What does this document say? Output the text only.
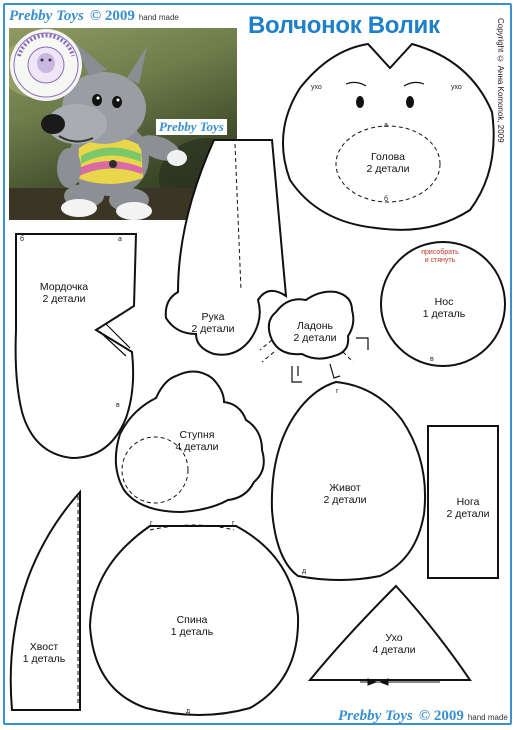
Prebby Toys © 2009 hand made	Волчонок Волик	Copyright © Анна Komonok, 2009
Prebby Toys
Голова
2 детали
ухо	ухо
а
б
Мордочка
2 детали
б	а
в
Рука
2 детали	Ладонь
2 детали
Нос
1 деталь
присобрать
и стянуть
в
Ступня
4 детали
Живот
2 детали
г
д
Нога
2 детали
Хвост
1 деталь
Спина
1 деталь
г	г
д
Ухо
4 детали
Prebby Toys © 2009 hand made
